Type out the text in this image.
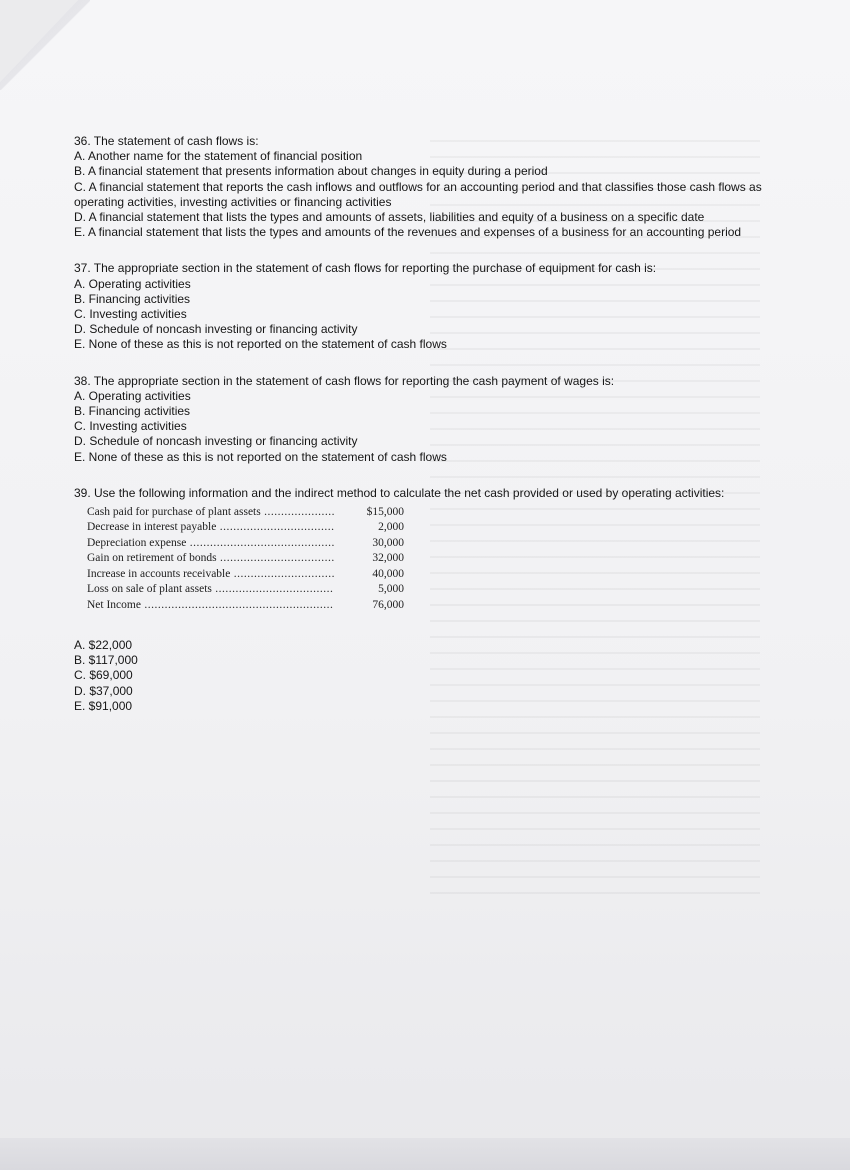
36. The statement of cash flows is:

A. Another name for the statement of financial position

B. A financial statement that presents information about changes in equity during a period

C. A financial statement that reports the cash inflows and outflows for an accounting period and that classifies those cash flows as operating activities, investing activities or financing activities

D. A financial statement that lists the types and amounts of assets, liabilities and equity of a business on a specific date

E. A financial statement that lists the types and amounts of the revenues and expenses of a business for an accounting period

37. The appropriate section in the statement of cash flows for reporting the purchase of equipment for cash is:

A. Operating activities

B. Financing activities

C. Investing activities

D. Schedule of noncash investing or financing activity

E. None of these as this is not reported on the statement of cash flows

38. The appropriate section in the statement of cash flows for reporting the cash payment of wages is:

A. Operating activities

B. Financing activities

C. Investing activities

D. Schedule of noncash investing or financing activity

E. None of these as this is not reported on the statement of cash flows

39. Use the following information and the indirect method to calculate the net cash provided or used by operating activities:

Cash paid for purchase of plant assets .....	$15,000
Decrease in interest payable .....	2,000
Depreciation expense .....	30,000
Gain on retirement of bonds .....	32,000
Increase in accounts receivable .....	40,000
Loss on sale of plant assets .....	5,000
Net Income .....	76,000

A. $22,000

B. $117,000

C. $69,000

D. $37,000

E. $91,000
